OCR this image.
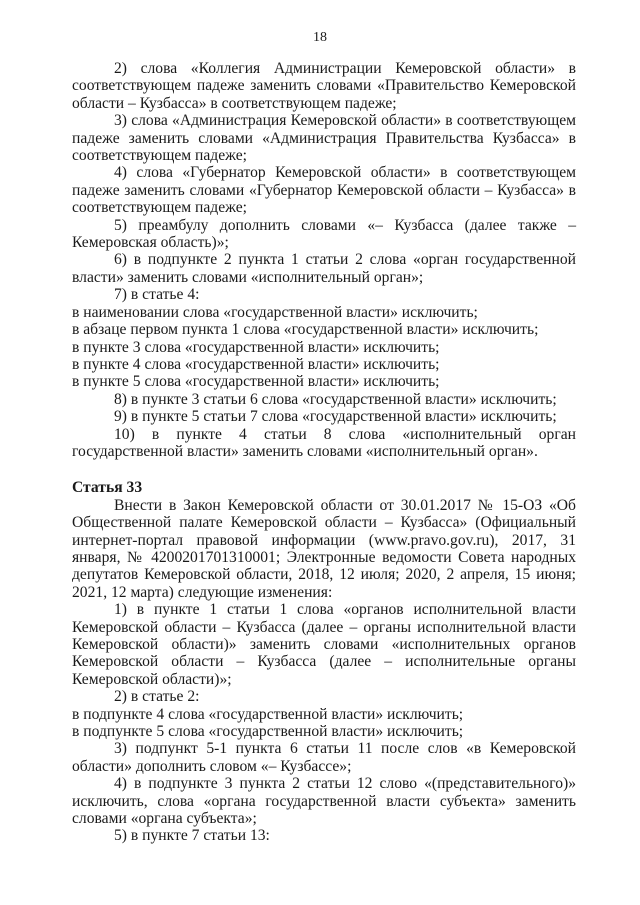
18

2) слова «Коллегия Администрации Кемеровской области» в соответствующем падеже заменить словами «Правительство Кемеровской области – Кузбасса» в соответствующем падеже;

3) слова «Администрация Кемеровской области» в соответствующем падеже заменить словами «Администрация Правительства Кузбасса» в соответствующем падеже;

4) слова «Губернатор Кемеровской области» в соответствующем падеже заменить словами «Губернатор Кемеровской области – Кузбасса» в соответствующем падеже;

5) преамбулу дополнить словами «– Кузбасса (далее также – Кемеровская область)»;

6) в подпункте 2 пункта 1 статьи 2 слова «орган государственной власти» заменить словами «исполнительный орган»;

7) в статье 4:

в наименовании слова «государственной власти» исключить;

в абзаце первом пункта 1 слова «государственной власти» исключить;

в пункте 3 слова «государственной власти» исключить;

в пункте 4 слова «государственной власти» исключить;

в пункте 5 слова «государственной власти» исключить;

8) в пункте 3 статьи 6 слова «государственной власти» исключить;

9) в пункте 5 статьи 7 слова «государственной власти» исключить;

10) в пункте 4 статьи 8 слова «исполнительный орган государственной власти» заменить словами «исполнительный орган».

Статья 33

Внести в Закон Кемеровской области от 30.01.2017 № 15-ОЗ «Об Общественной палате Кемеровской области – Кузбасса» (Официальный интернет-портал правовой информации (www.pravo.gov.ru), 2017, 31 января, № 4200201701310001; Электронные ведомости Совета народных депутатов Кемеровской области, 2018, 12 июля; 2020, 2 апреля, 15 июня; 2021, 12 марта) следующие изменения:

1) в пункте 1 статьи 1 слова «органов исполнительной власти Кемеровской области – Кузбасса (далее – органы исполнительной власти Кемеровской области)» заменить словами «исполнительных органов Кемеровской области – Кузбасса (далее – исполнительные органы Кемеровской области)»;

2) в статье 2:

в подпункте 4 слова «государственной власти» исключить;

в подпункте 5 слова «государственной власти» исключить;

3) подпункт 5-1 пункта 6 статьи 11 после слов «в Кемеровской области» дополнить словом «– Кузбассе»;

4) в подпункте 3 пункта 2 статьи 12 слово «(представительного)» исключить, слова «органа государственной власти субъекта» заменить словами «органа субъекта»;

5) в пункте 7 статьи 13:
